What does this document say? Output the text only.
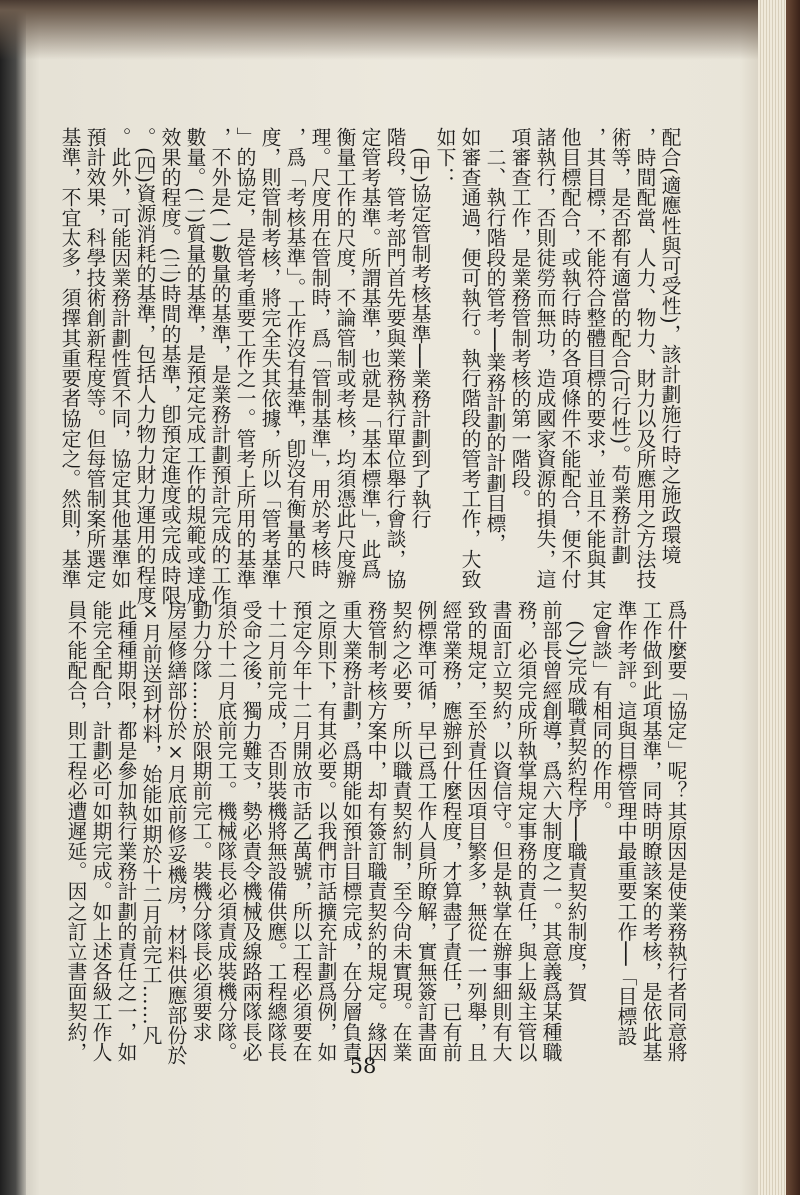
配合(適應性與可受性)，該計劃施行時之施政環境
，時間配當、人力、物力、財力以及所應用之方法技
術等，是否都有適當的配合(可行性)。苟業務計劃
，其目標，不能符合整體目標的要求，並且不能與其
他目標配合，或執行時的各項條件不能配合，便不付
諸執行，否則徒勞而無功，造成國家資源的損失，這
項審查工作，是業務管制考核的第一階段。
　二、執行階段的管考──業務計劃的計劃目標，
如審查通過，便可執行。執行階段的管考工作，大致
如下：
　(甲)協定管制考核基準──業務計劃到了執行
階段，管考部門首先要與業務執行單位舉行會談，協
定管考基準。所謂基準，也就是「基本標準」，此爲
衡量工作的尺度，不論管制或考核，均須憑此尺度辦
理。尺度用在管制時，爲「管制基準」，用於考核時
，爲「考核基準」。工作沒有基準，卽沒有衡量的尺
度，則管制考核，將完全失其依據，所以「管考基準
」的協定，是管考重要工作之一。管考上所用的基準
，不外是(一)數量的基準，是業務計劃預計完成的工作
數量。(二)質量的基準，是預定完成工作的規範或達成
效果的程度。(三)時間的基準，卽預定進度或完成時限
。(四)資源消耗的基準，包括人力物力財力運用的程度
。此外，可能因業務計劃性質不同，協定其他基準如
預計效果，科學技術創新程度等。但每管制案所選定
基準，不宜太多，須擇其重要者協定之。然則，基準
爲什麼要「協定」呢？其原因是使業務執行者同意將
工作做到此項基準，同時明瞭該案的考核，是依此基
準作考評。這與目標管理中最重要工作──「目標設
定會談」有相同的作用。
　(乙)完成職責契約程序──職責契約制度，賀
前部長曾經創導，爲六大制度之一。其意義爲某種職
務，必須完成所執掌規定事務的責任，與上級主管以
書面訂立契約，以資信守。但是執掌在辦事細則有大
致的規定，至於責任因項目繁多，無從一一列舉，且
經常業務，應辦到什麼程度，才算盡了責任，已有前
例標準可循，早已爲工作人員所瞭解，實無簽訂書面
契約之必要，所以職責契約制，至今尙未實現。在業
務管制考核方案中，却有簽訂職責契約的規定。緣因
重大業務計劃，爲期能如預計目標完成，在分層負責
之原則下，有其必要。以我們市話擴充計劃爲例，如
預定今年十二月開放市話乙萬號，所以工程必須要在
十二月前完成，否則裝機將無設備供應。工程總隊長
受命之後，獨力難支，勢必責令機械及線路兩隊長必
須於十二月底前完工。機械隊長必須責成裝機分隊。
動力分隊……於限期前完工。裝機分隊長必須要求
房屋修繕部份於×月底前修妥機房，材料供應部份於
×月前送到材料，始能如期於十二月前完工……凡
此種種期限，都是參加執行業務計劃的責任之一，如
能完全配合，計劃必可如期完成。如上述各級工作人
員不能配合，則工程必遭遲延。因之訂立書面契約，
58
